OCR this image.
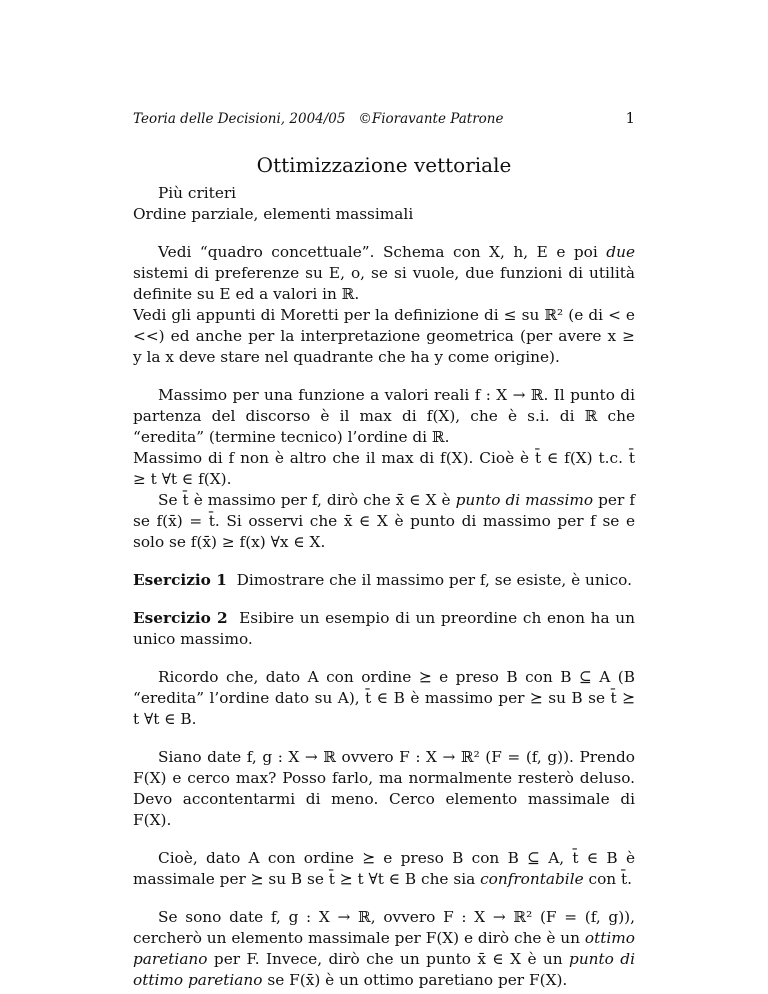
Teoria delle Decisioni, 2004/05 ©Fioravante Patrone	1
Ottimizzazione vettoriale

Più criteri

Ordine parziale, elementi massimali

Vedi “quadro concettuale”. Schema con X, h, E e poi due sistemi di preferenze su E, o, se si vuole, due funzioni di utilità definite su E ed a valori in ℝ.

Vedi gli appunti di Moretti per la definizione di ≤ su ℝ² (e di < e <<) ed anche per la interpretazione geometrica (per avere x ≥ y la x deve stare nel quadrante che ha y come origine).

Massimo per una funzione a valori reali f : X → ℝ. Il punto di partenza del discorso è il max di f(X), che è s.i. di ℝ che “eredita” (termine tecnico) l’ordine di ℝ.

Massimo di f non è altro che il max di f(X). Cioè è t̄ ∈ f(X) t.c. t̄ ≥ t ∀t ∈ f(X).

Se t̄ è massimo per f, dirò che x̄ ∈ X è punto di massimo per f se f(x̄) = t̄. Si osservi che x̄ ∈ X è punto di massimo per f se e solo se f(x̄) ≥ f(x) ∀x ∈ X.

Esercizio 1 Dimostrare che il massimo per f, se esiste, è unico.

Esercizio 2 Esibire un esempio di un preordine ch enon ha un unico massimo.

Ricordo che, dato A con ordine ⪰ e preso B con B ⊆ A (B “eredita” l’ordine dato su A), t̄ ∈ B è massimo per ⪰ su B se t̄ ⪰ t ∀t ∈ B.

Siano date f, g : X → ℝ ovvero F : X → ℝ² (F = (f, g)). Prendo F(X) e cerco max? Posso farlo, ma normalmente resterò deluso. Devo accontentarmi di meno. Cerco elemento massimale di F(X).

Cioè, dato A con ordine ⪰ e preso B con B ⊆ A, t̄ ∈ B è massimale per ⪰ su B se t̄ ⪰ t ∀t ∈ B che sia confrontabile con t̄.

Se sono date f, g : X → ℝ, ovvero F : X → ℝ² (F = (f, g)), cercherò un elemento massimale per F(X) e dirò che è un ottimo paretiano per F. Invece, dirò che un punto x̄ ∈ X è un punto di ottimo paretiano se F(x̄) è un ottimo paretiano per F(X).
